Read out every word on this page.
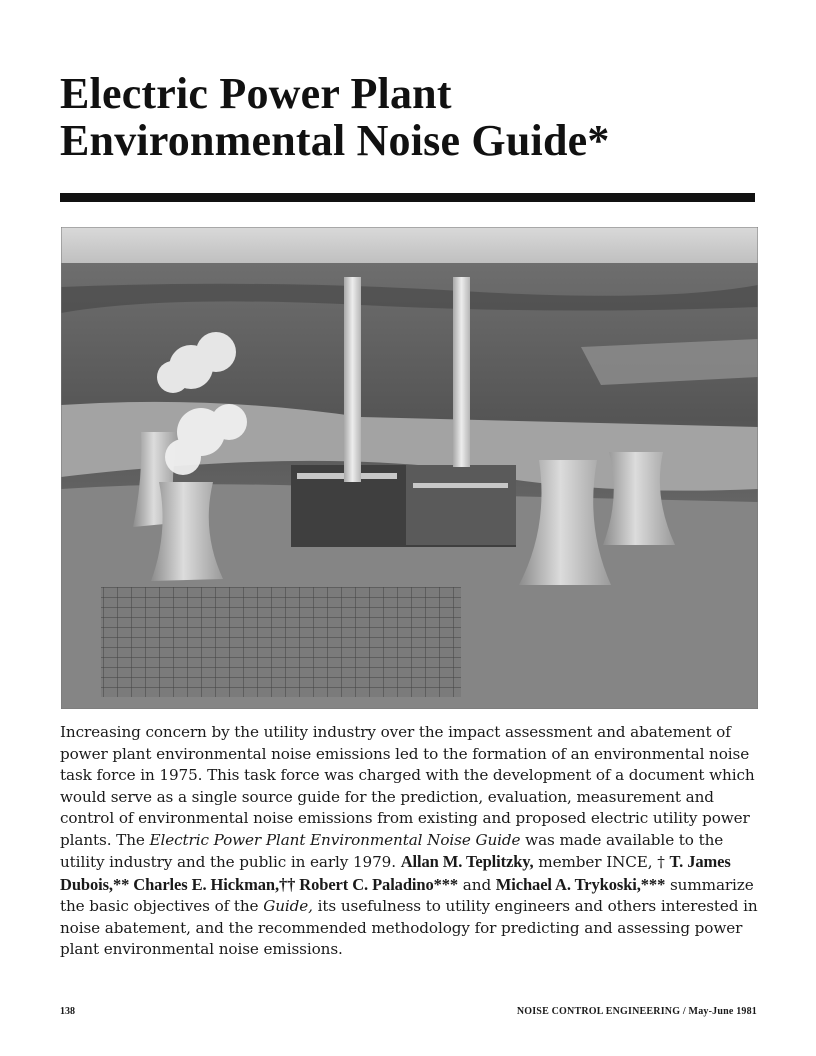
Electric Power Plant
Environmental Noise Guide*

Increasing concern by the utility industry over the impact assessment and abatement of power plant environmental noise emissions led to the formation of an environmental noise task force in 1975. This task force was charged with the development of a document which would serve as a single source guide for the prediction, evaluation, measurement and control of environmental noise emissions from existing and proposed electric utility power plants. The Electric Power Plant Environmental Noise Guide was made available to the utility industry and the public in early 1979. Allan M. Teplitzky, member INCE, † T. James Dubois,** Charles E. Hickman,†† Robert C. Paladino*** and Michael A. Trykoski,*** summarize the basic objectives of the Guide, its usefulness to utility engineers and others interested in noise abatement, and the recommended methodology for predicting and assessing power plant environmental noise emissions.

138	NOISE CONTROL ENGINEERING / May-June 1981
